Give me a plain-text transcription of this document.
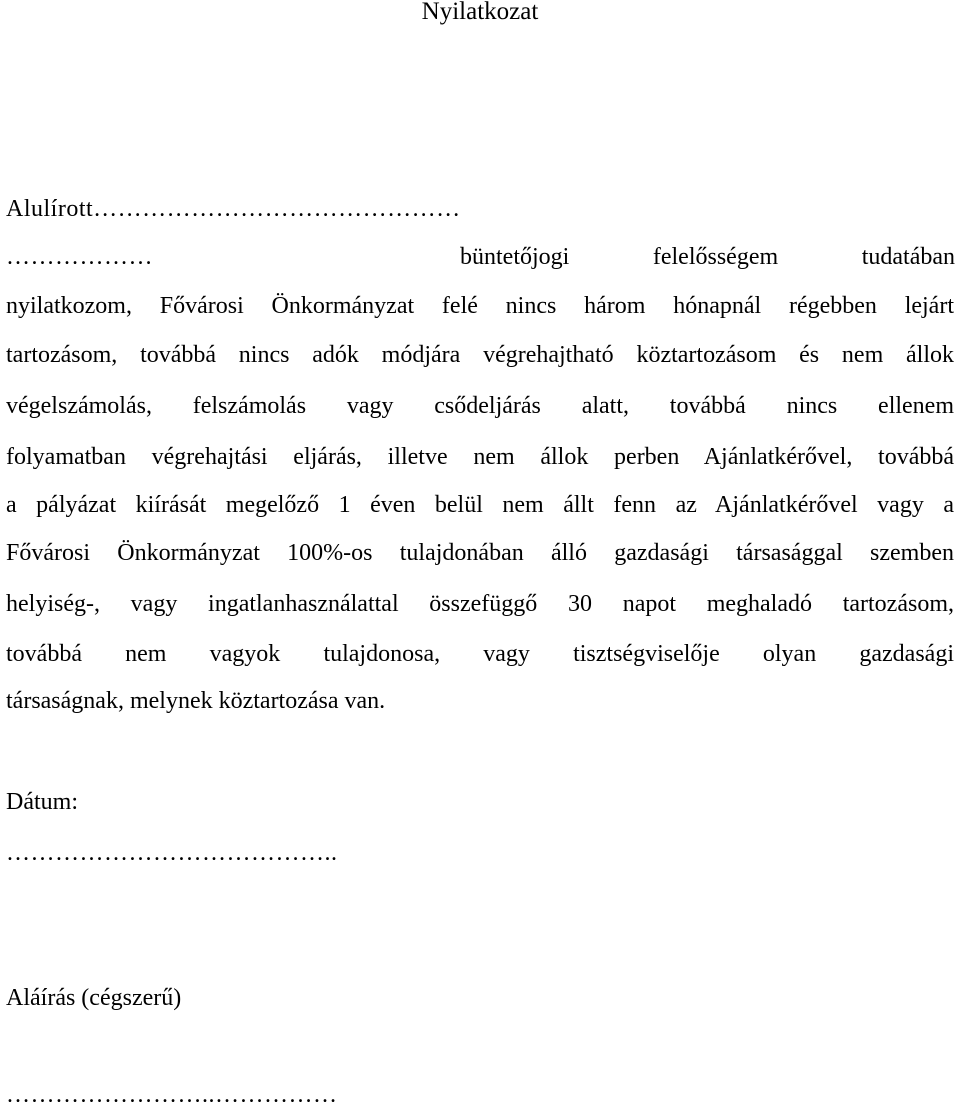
Nyilatkozat
Alulírott………………………………………
………………	büntetőjogi felelősségem tudatában
nyilatkozom, Fővárosi Önkormányzat felé nincs három hónapnál régebben lejárt
tartozásom, továbbá nincs adók módjára végrehajtható köztartozásom és nem állok
végelszámolás, felszámolás vagy csődeljárás alatt, továbbá nincs ellenem
folyamatban végrehajtási eljárás, illetve nem állok perben Ajánlatkérővel, továbbá
a pályázat kiírását megelőző 1 éven belül nem állt fenn az Ajánlatkérővel vagy a
Fővárosi Önkormányzat 100%-os tulajdonában álló gazdasági társasággal szemben
helyiség-, vagy ingatlanhasználattal összefüggő 30 napot meghaladó tartozásom,
továbbá nem vagyok tulajdonosa, vagy tisztségviselője olyan gazdasági
társaságnak, melynek köztartozása van.
Dátum:
…………………………………..
Aláírás (cégszerű)
……………………..……………
